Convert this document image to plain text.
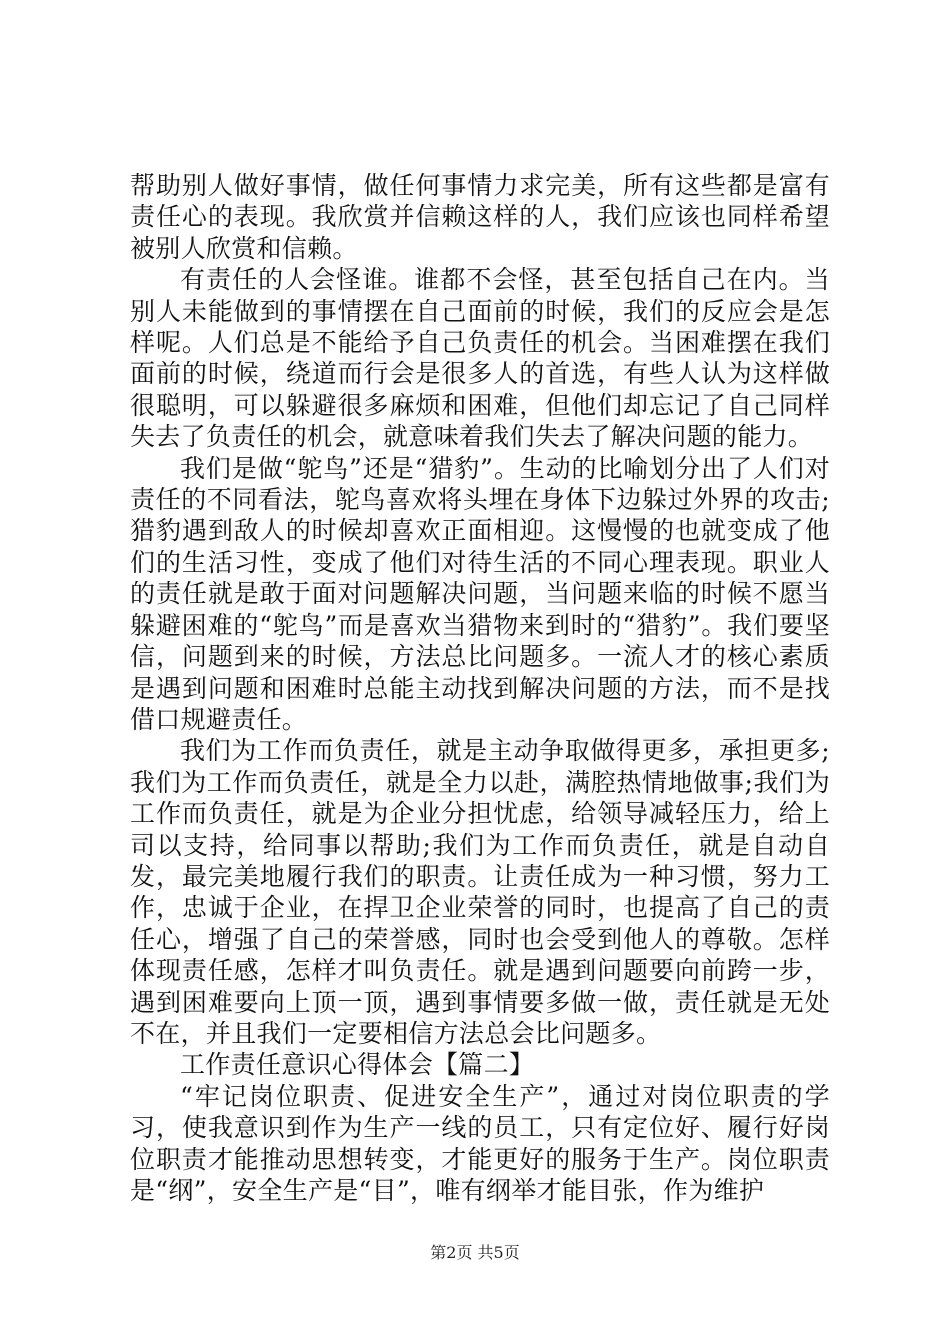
帮助别人做好事情，做任何事情力求完美，所有这些都是富有责任心的表现。我欣赏并信赖这样的人，我们应该也同样希望被别人欣赏和信赖。

有责任的人会怪谁。谁都不会怪，甚至包括自己在内。当别人未能做到的事情摆在自己面前的时候，我们的反应会是怎样呢。人们总是不能给予自己负责任的机会。当困难摆在我们面前的时候，绕道而行会是很多人的首选，有些人认为这样做很聪明，可以躲避很多麻烦和困难，但他们却忘记了自己同样失去了负责任的机会，就意味着我们失去了解决问题的能力。

我们是做“鸵鸟”还是“猎豹”。生动的比喻划分出了人们对责任的不同看法，鸵鸟喜欢将头埋在身体下边躲过外界的攻击;猎豹遇到敌人的时候却喜欢正面相迎。这慢慢的也就变成了他们的生活习性，变成了他们对待生活的不同心理表现。职业人的责任就是敢于面对问题解决问题，当问题来临的时候不愿当躲避困难的“鸵鸟”而是喜欢当猎物来到时的“猎豹”。我们要坚信，问题到来的时候，方法总比问题多。一流人才的核心素质是遇到问题和困难时总能主动找到解决问题的方法，而不是找借口规避责任。

我们为工作而负责任，就是主动争取做得更多，承担更多;我们为工作而负责任，就是全力以赴，满腔热情地做事;我们为工作而负责任，就是为企业分担忧虑，给领导减轻压力，给上司以支持，给同事以帮助;我们为工作而负责任，就是自动自发，最完美地履行我们的职责。让责任成为一种习惯，努力工作，忠诚于企业，在捍卫企业荣誉的同时，也提高了自己的责任心，增强了自己的荣誉感，同时也会受到他人的尊敬。怎样体现责任感，怎样才叫负责任。就是遇到问题要向前跨一步，遇到困难要向上顶一顶，遇到事情要多做一做，责任就是无处不在，并且我们一定要相信方法总会比问题多。

工作责任意识心得体会【篇二】

“牢记岗位职责、促进安全生产”，通过对岗位职责的学习，使我意识到作为生产一线的员工，只有定位好、履行好岗位职责才能推动思想转变，才能更好的服务于生产。岗位职责是“纲”，安全生产是“目”，唯有纲举才能目张，作为维护

第2页 共5页
